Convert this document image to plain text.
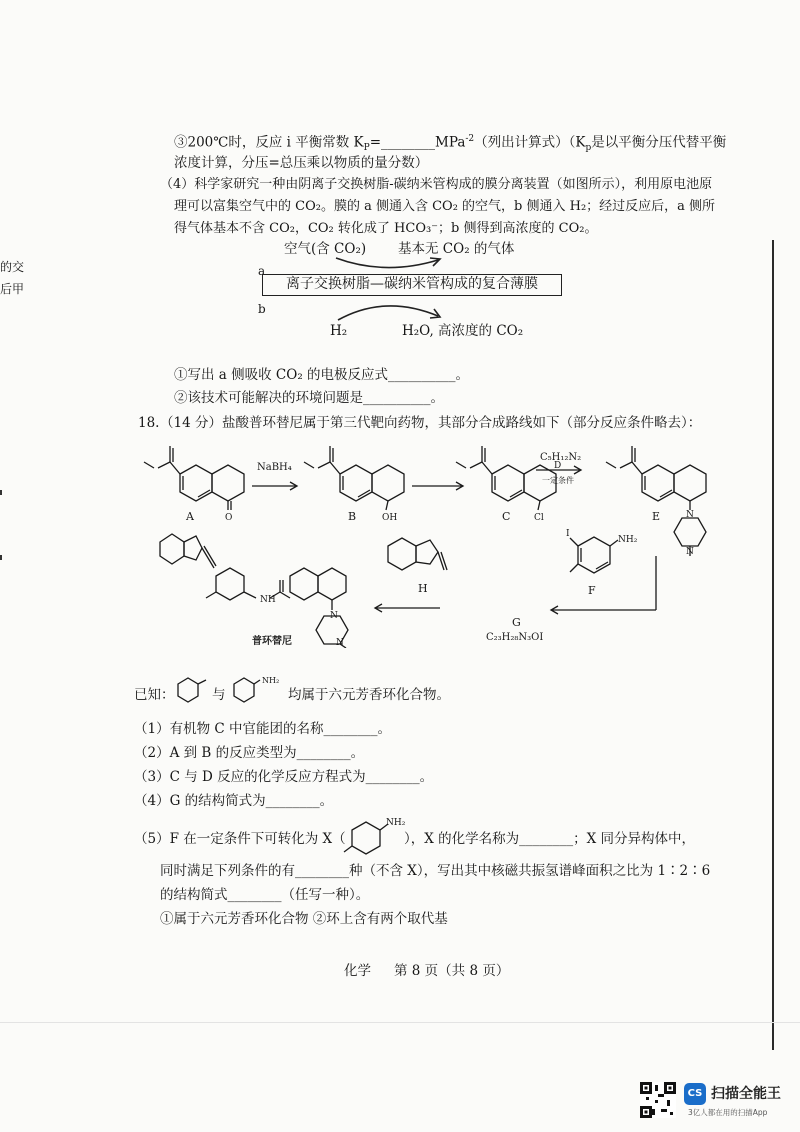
的交
后甲
③200℃时，反应 i 平衡常数 $K_P=\_\_\_\_\_\_\_\_MPa^{-2}$（列出计算式）（$K_p$是以平衡分压代替平衡
浓度计算，分压=总压乘以物质的量分数）
（4）科学家研究一种由阴离子交换树脂-碳纳米管构成的膜分离装置（如图所示），利用原电池原
理可以富集空气中的 CO₂。膜的 a 侧通入含 CO₂ 的空气，b 侧通入 H₂；经过反应后，a 侧所
得气体基本不含 CO₂，CO₂ 转化成了 HCO₃⁻；b 侧得到高浓度的 CO₂。
空气(含 CO₂) 基本无 CO₂ 的气体
a
离子交换树脂—碳纳米管构成的复合薄膜
b
H₂	H₂O, 高浓度的 CO₂
①写出 a 侧吸收 CO₂ 的电极反应式__________。
②该技术可能解决的环境问题是__________。
18. （14 分）盐酸普环替尼属于第三代靶向药物，其部分合成路线如下（部分反应条件略去）：
A	O
NaBH₄
B	OH	C	Cl
C₅H₁₂N₂
D
一定条件
E	N
N
I
NH₂
F
H
G
C₂₃H₂₈N₃OI
NH
N
N
普环替尼
已知：	与
NH₂
均属于六元芳香环化合物。
（1）有机物 C 中官能团的名称________。
（2）A 到 B 的反应类型为________。
（3）C 与 D 反应的化学反应方程式为________。
（4）G 的结构简式为________。
（5）F 在一定条件下可转化为 X（
NH₂
），X 的化学名称为________；X 同分异构体中，
同时满足下列条件的有________种（不含 X），写出其中核磁共振氢谱峰面积之比为 1∶2∶6
的结构简式________（任写一种）。
①属于六元芳香环化合物 ②环上含有两个取代基
化学 第 8 页（共 8 页）
CS 扫描全能王
3亿人都在用的扫描App
